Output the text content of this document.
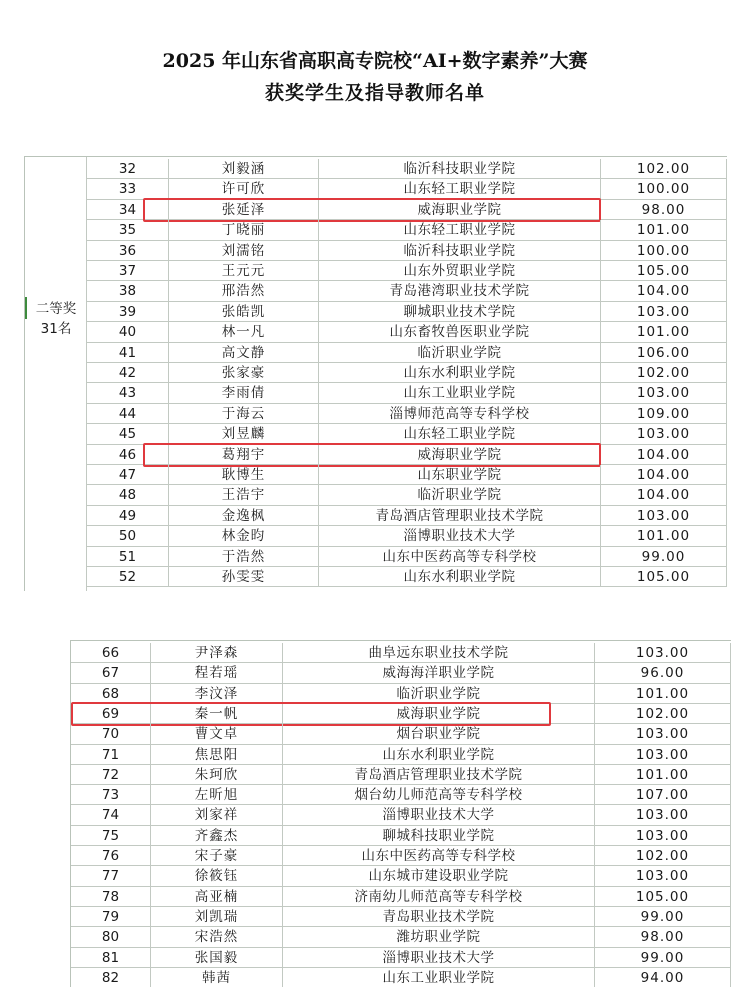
2025 年山东省高职高专院校“AI+数字素养”大赛
获奖学生及指导教师名单
二等奖
31名
32	刘毅涵	临沂科技职业学院	102.00
33	许可欣	山东轻工职业学院	100.00
34	张延泽	威海职业学院	98.00
35	丁晓丽	山东轻工职业学院	101.00
36	刘濡铭	临沂科技职业学院	100.00
37	王元元	山东外贸职业学院	105.00
38	邢浩然	青岛港湾职业技术学院	104.00
39	张皓凯	聊城职业技术学院	103.00
40	林一凡	山东畜牧兽医职业学院	101.00
41	高文静	临沂职业学院	106.00
42	张家豪	山东水利职业学院	102.00
43	李雨倩	山东工业职业学院	103.00
44	于海云	淄博师范高等专科学校	109.00
45	刘昱麟	山东轻工职业学院	103.00
46	葛翔宇	威海职业学院	104.00
47	耿博生	山东职业学院	104.00
48	王浩宇	临沂职业学院	104.00
49	金逸枫	青岛酒店管理职业技术学院	103.00
50	林金昀	淄博职业技术大学	101.00
51	于浩然	山东中医药高等专科学校	99.00
52	孙雯雯	山东水利职业学院	105.00
66	尹泽森	曲阜远东职业技术学院	103.00
67	程若瑶	威海海洋职业学院	96.00
68	李汶泽	临沂职业学院	101.00
69	秦一帆	威海职业学院	102.00
70	曹文卓	烟台职业学院	103.00
71	焦思阳	山东水利职业学院	103.00
72	朱珂欣	青岛酒店管理职业技术学院	101.00
73	左昕旭	烟台幼儿师范高等专科学校	107.00
74	刘家祥	淄博职业技术大学	103.00
75	齐鑫杰	聊城科技职业学院	103.00
76	宋子豪	山东中医药高等专科学校	102.00
77	徐筱钰	山东城市建设职业学院	103.00
78	高亚楠	济南幼儿师范高等专科学校	105.00
79	刘凯瑞	青岛职业技术学院	99.00
80	宋浩然	潍坊职业学院	98.00
81	张国毅	淄博职业技术大学	99.00
82	韩茜	山东工业职业学院	94.00
